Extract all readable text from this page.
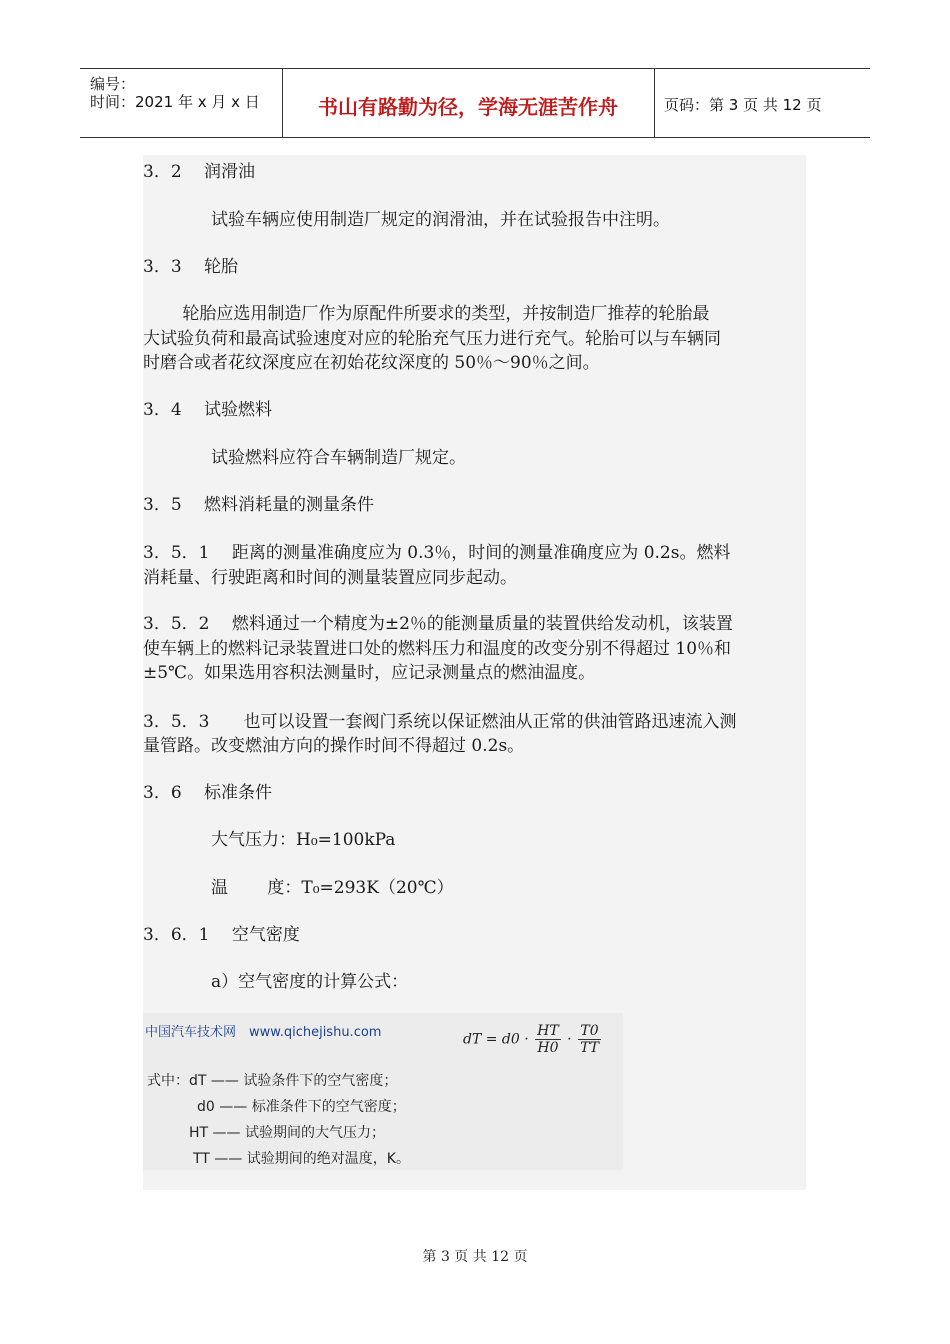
编号：
时间：2021 年 x 月 x 日	书山有路勤为径，学海无涯苦作舟	页码：第 3 页 共 12 页
3．2　 润滑油
试验车辆应使用制造厂规定的润滑油，并在试验报告中注明。
3．3　 轮胎
　　 轮胎应选用制造厂作为原配件所要求的类型，并按制造厂推荐的轮胎最
大试验负荷和最高试验速度对应的轮胎充气压力进行充气。轮胎可以与车辆同
时磨合或者花纹深度应在初始花纹深度的 50％～90％之间。
3．4　 试验燃料
试验燃料应符合车辆制造厂规定。
3．5　 燃料消耗量的测量条件
3．5．1　 距离的测量准确度应为 0.3％，时间的测量准确度应为 0.2s。燃料
消耗量、行驶距离和时间的测量装置应同步起动。
3．5．2　 燃料通过一个精度为±2％的能测量质量的装置供给发动机，该装置
使车辆上的燃料记录装置进口处的燃料压力和温度的改变分别不得超过 10％和
±5℃。如果选用容积法测量时，应记录测量点的燃油温度。
3．5．3　　也可以设置一套阀门系统以保证燃油从正常的供油管路迅速流入测
量管路。改变燃油方向的操作时间不得超过 0.2s。
3．6　 标准条件
大气压力：H₀=100kPa
温　　 度：T₀=293K（20℃）
3．6．1　 空气密度
a）空气密度的计算公式：
中国汽车技术网　www.qichejishu.com	dT = $d0 \cdot \frac{HT}{H0} \cdot \frac{T0}{TT}$
式中：dT —— 试验条件下的空气密度；
d0 —— 标准条件下的空气密度；
HT —— 试验期间的大气压力；
TT —— 试验期间的绝对温度，K。
第 3 页 共 12 页
